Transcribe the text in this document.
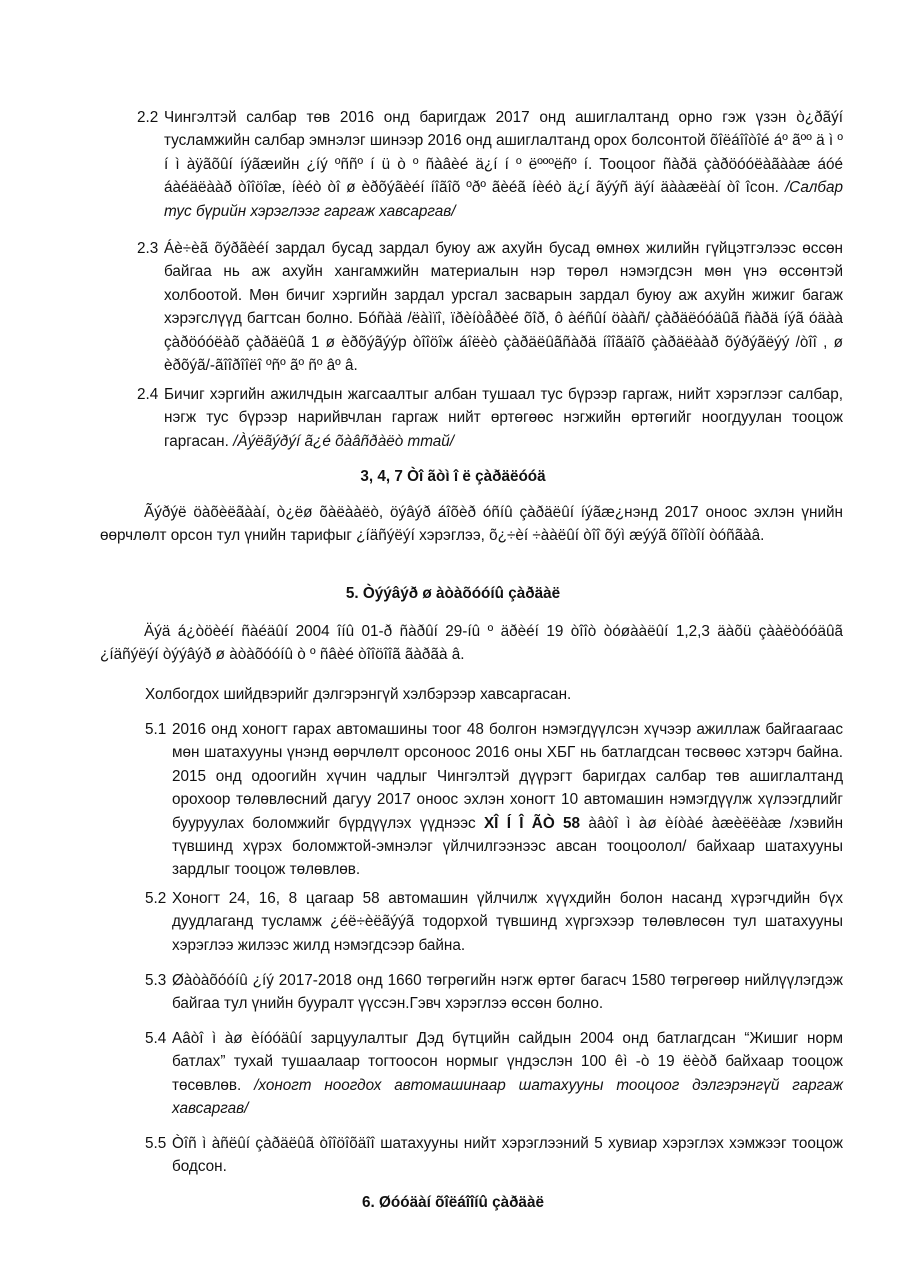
2.2 Чингэлтэй салбар төв 2016 онд баригдаж 2017 онд ашиглалтанд орно гэж үзэн ò¿ðãýí тусламжийн салбар эмнэлэг шинээр 2016 онд ашиглалтанд орох болсонтой õîëáîîòîé áº ãºº ä ì º í ì àÿãõûí íýãæийн ¿íý ºññº í ü ò º ñàâèé ä¿í í º ëºººëñº í. Тооцоог ñàðä çàðöóóëàãààæ áóé áàéäëààð òîîöîæ, íèéò òî ø èðõýãèéí íîãîõ ºðº ãèéã íèéò ä¿í ãýýñ äýí äààæëàí òî îсон. /Салбар тус бүрийн хэрэглээг гаргаж хавсаргав/

2.3 Áè÷èã õýðãèéí зардал бусад зардал буюу аж ахуйн бусад өмнөх жилийн гүйцэтгэлээс өссөн байгаа нь аж ахуйн хангамжийн материалын нэр төрөл нэмэгдсэн мөн үнэ өссөнтэй холбоотой. Мөн бичиг хэргийн зардал урсгал засварын зардал буюу аж ахуйн жижиг багаж хэрэгслүүд багтсан болно. Бóñàä /ëàìïî, ïðèíòåðèé õîð, ô àéñûí öààñ/ çàðäëóóäûã ñàðä íýã óäàà çàðöóóëàõ çàðäëûã 1 ø èðõýãýýр òîîöîж áîëèò çàðäëûãñàðä íîîãäîõ çàðäëààð õýðýãëýý /òîî , ø èðõýã/-ãîîðîîëî ºñº ãº ñº âº â.

2.4 Бичиг хэргийн ажилчдын жагсаалтыг албан тушаал тус бүрээр гаргаж, нийт хэрэглээг салбар, нэгж тус бүрээр нарийвчлан гаргаж нийт өртөгөөс нэгжийн өртөгийг ноогдуулан тооцож гаргасан. /Àýëãýðýí ã¿é õàâñðàëò ттай/

3, 4, 7 Òî ãòì î ë çàðäëóóä

Ãýðýë öàõèëãààí, ò¿ëø õàëààëò, öýâýð áîõèð óñíû çàðäëûí íýãæ¿нэнд 2017 оноос эхлэн үнийн өөрчлөлт орсон тул үнийн тарифыг ¿íäñýëýí хэрэглээ, õ¿÷èí ÷ààëûí òîî õýì æýýã õîîòîí òóñãàâ.

5. Òýýâýð ø àòàõóóíû çàðäàë

Äýä á¿òöèéí ñàéäûí 2004 îíû 01-ð ñàðûí 29-íû º äðèéí 19 òîîò òóøààëûí 1,2,3 äàõü çààëòóóäûã ¿íäñýëýí òýýâýð ø àòàõóóíû ò º ñâèé òîîöîîã ãàðãà â.

Холбогдох шийдвэрийг дэлгэрэнгүй хэлбэрээр хавсаргасан.

5.1 2016 онд хоногт гарах автомашины тоог 48 болгон нэмэгдүүлсэн хүчээр ажиллаж байгаагаас мөн шатахууны үнэнд өөрчлөлт орсоноос 2016 оны ХБГ нь батлагдсан төсвөөс хэтэрч байна. 2015 онд одоогийн хүчин чадлыг Чингэлтэй дүүрэгт баригдах салбар төв ашиглалтанд орохоор төлөвлөсний дагуу 2017 оноос эхлэн хоногт 10 автомашин нэмэгдүүлж хүлээгдлийг бууруулах боломжийг бүрдүүлэх үүднээс ХÎ Í Î ÃÒ 58 àâòî ì àø èíòàé àæèëëàæ /хэвийн түвшинд хүрэх боломжтой-эмнэлэг үйлчилгээнээс авсан тооцоолол/ байхаар шатахууны зардлыг тооцож төлөвлөв.

5.2 Хоногт 24, 16, 8 цагаар 58 автомашин үйлчилж хүүхдийн болон насанд хүрэгчдийн бүх дуудлаганд тусламж ¿éë÷èëãýýã тодорхой түвшинд хүргэхээр төлөвлөсөн тул шатахууны хэрэглээ жилээс жилд нэмэгдсээр байна.

5.3 Øàòàõóóíû ¿íý 2017-2018 онд 1660 төгрөгийн нэгж өртөг багасч 1580 төгрөгөөр нийлүүлэгдэж байгаа тул үнийн бууралт үүссэн.Гэвч хэрэглээ өссөн болно.

5.4 Aâòî ì àø èíóóäûí зарцуулалтыг Дэд бүтцийн сайдын 2004 онд батлагдсан “Жишиг норм батлах” тухай тушаалаар тогтоосон нормыг үндэслэн 100 êì -ò 19 ëèòð байхаар тооцож төсөвлөв. /хоногт ноогдох автомашинаар шатахууны тооцоог дэлгэрэнгүй гаргаж хавсаргав/

5.5 Òîñ ì àñëûí çàðäëûã òîîöîõäîî шатахууны нийт хэрэглээний 5 хувиар хэрэглэх хэмжээг тооцож бодсон.

6. Øóóäàí õîëáîîíû çàðäàë
